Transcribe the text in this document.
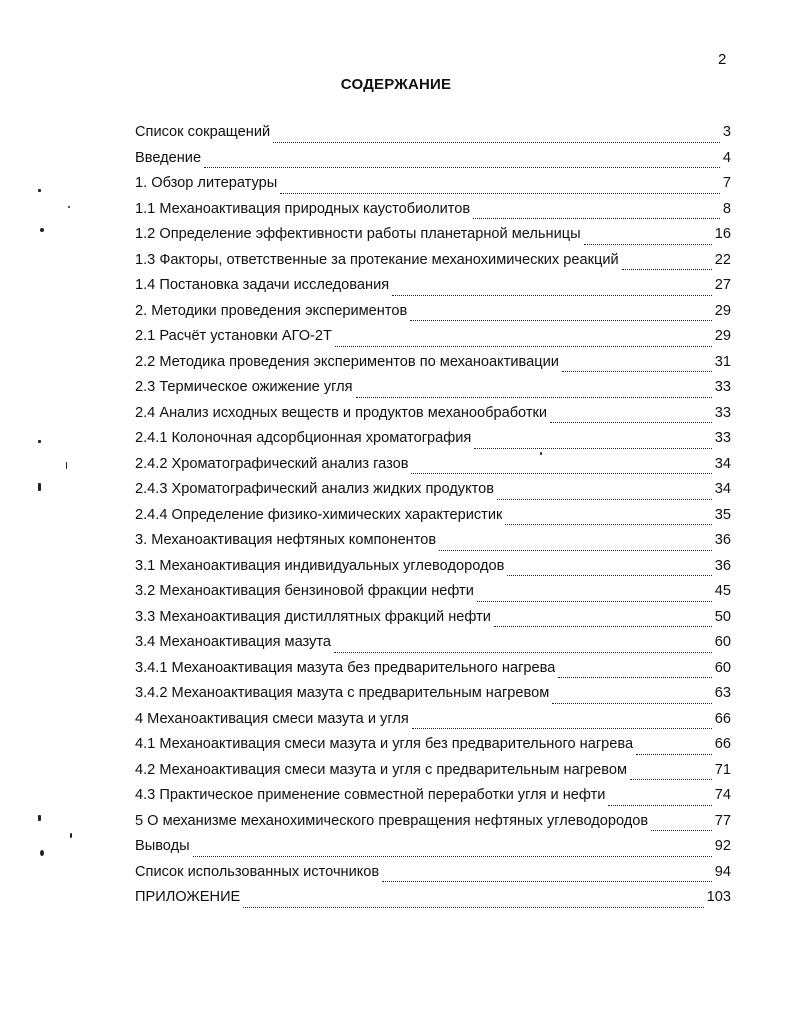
2
СОДЕРЖАНИЕ
Список сокращений	3
Введение	4
1. Обзор литературы	7
1.1 Механоактивация природных каустобиолитов	8
1.2 Определение эффективности работы планетарной мельницы	16
1.3 Факторы, ответственные за протекание механохимических реакций	22
1.4 Постановка задачи исследования	27
2. Методики проведения экспериментов	29
2.1 Расчёт установки АГО-2Т	29
2.2 Методика проведения экспериментов по механоактивации	31
2.3 Термическое ожижение угля	33
2.4 Анализ исходных веществ и продуктов механообработки	33
2.4.1 Колоночная адсорбционная хроматография	33
2.4.2 Хроматографический анализ газов	34
2.4.3 Хроматографический анализ жидких продуктов	34
2.4.4 Определение физико-химических характеристик	35
3. Механоактивация нефтяных компонентов	36
3.1 Механоактивация индивидуальных углеводородов	36
3.2 Механоактивация бензиновой фракции нефти	45
3.3 Механоактивация дистиллятных фракций нефти	50
3.4 Механоактивация мазута	60
3.4.1 Механоактивация мазута без предварительного нагрева	60
3.4.2 Механоактивация мазута с предварительным нагревом	63
4 Механоактивация смеси мазута и угля	66
4.1 Механоактивация смеси мазута и угля без предварительного нагрева	66
4.2 Механоактивация смеси мазута и угля с предварительным нагревом	71
4.3 Практическое применение совместной переработки угля и нефти	74
5 О механизме механохимического превращения нефтяных углеводородов	77
Выводы	92
Список использованных источников	94
ПРИЛОЖЕНИЕ	103
